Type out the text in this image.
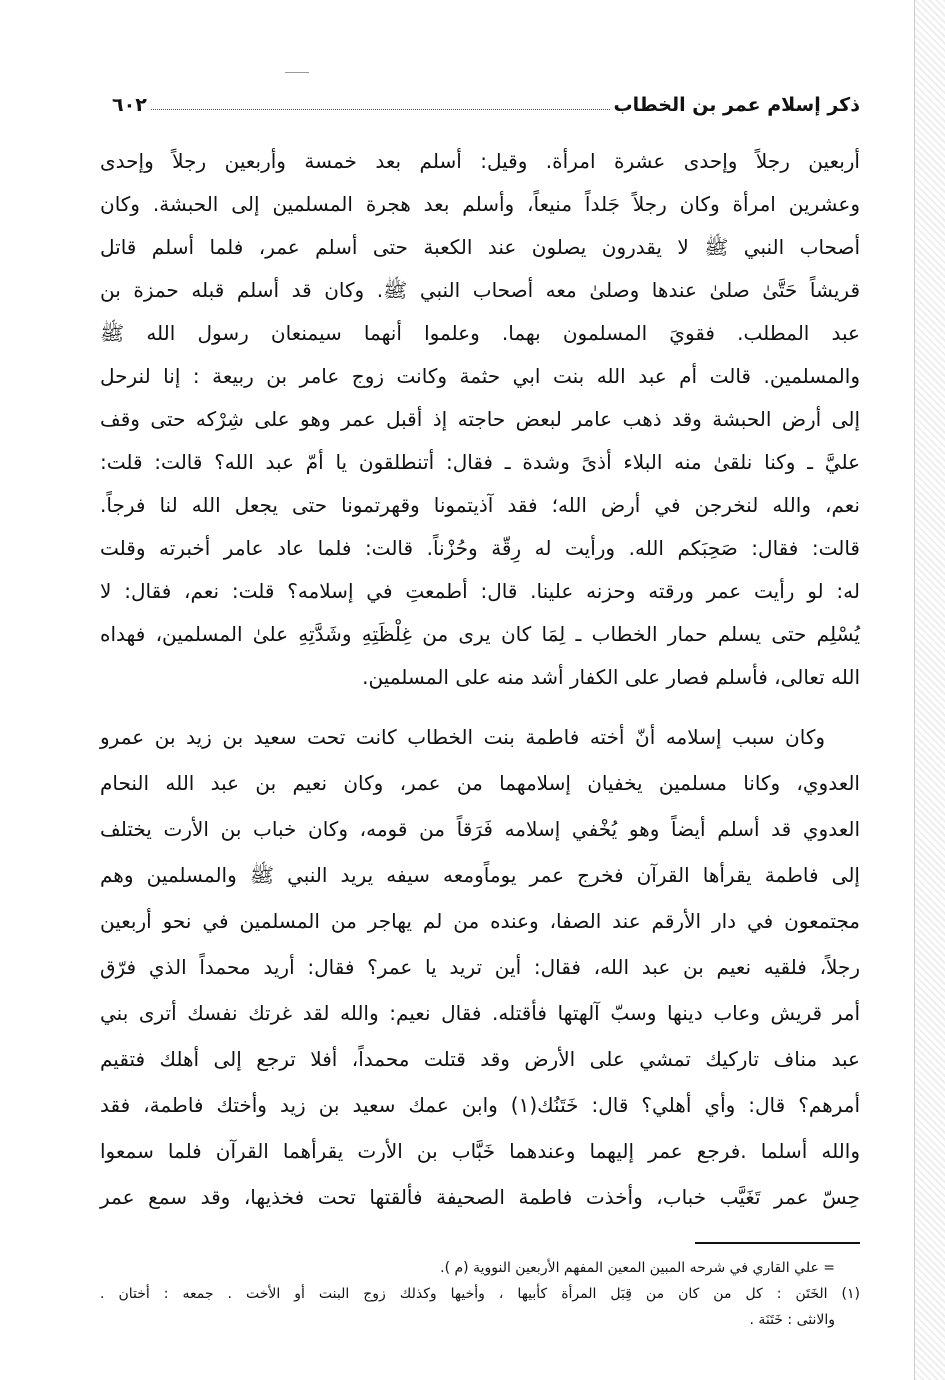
ذكر إسلام عمر بن الخطاب
٦٠٢
أربعين رجلاً وإحدى عشرة امرأة. وقيل: أسلم بعد خمسة وأربعين رجلاً وإحدى
وعشرين امرأة وكان رجلاً جَلداً منيعاً، وأسلم بعد هجرة المسلمين إلى الحبشة. وكان
أصحاب النبي ﷺ لا يقدرون يصلون عند الكعبة حتى أسلم عمر، فلما أسلم قاتل
قريشاً حَتَّىٰ صلىٰ عندها وصلىٰ معه أصحاب النبي ﷺ. وكان قد أسلم قبله حمزة بن
عبد المطلب. فقويَ المسلمون بهما. وعلموا أنهما سيمنعان رسول الله ﷺ
والمسلمين. قالت أم عبد الله بنت ابي حثمة وكانت زوج عامر بن ربيعة : إنا لنرحل
إلى أرض الحبشة وقد ذهب عامر لبعض حاجته إذ أقبل عمر وهو على شِرْكه حتى وقف
عليَّ ـ وكنا نلقىٰ منه البلاء أذىً وشدة ـ فقال: أتنطلقون يا أمّ عبد الله؟ قالت: قلت:
نعم، والله لنخرجن في أرض الله؛ فقد آذيتمونا وقهرتمونا حتى يجعل الله لنا فرجاً.
قالت: فقال: صَحِبَكم الله. ورأيت له رِقّة وحُزْناً. قالت: فلما عاد عامر أخبرته وقلت
له: لو رأيت عمر ورقته وحزنه علينا. قال: أطمعتِ في إسلامه؟ قلت: نعم، فقال: لا
يُسْلِم حتى يسلم حمار الخطاب ـ لِمَا كان يرى من غِلْظَتِهِ وشَدَّتِهِ علىٰ المسلمين، فهداه
الله تعالى، فأسلم فصار على الكفار أشد منه على المسلمين.
وكان سبب إسلامه أنّ أخته فاطمة بنت الخطاب كانت تحت سعيد بن زيد بن عمرو
العدوي، وكانا مسلمين يخفيان إسلامهما من عمر، وكان نعيم بن عبد الله النحام
العدوي قد أسلم أيضاً وهو يُخْفي إسلامه فَرَقاً من قومه، وكان خباب بن الأرت يختلف
إلى فاطمة يقرأها القرآن فخرج عمر يوماًومعه سيفه يريد النبي ﷺ والمسلمين وهم
مجتمعون في دار الأرقم عند الصفا، وعنده من لم يهاجر من المسلمين في نحو أربعين
رجلاً، فلقيه نعيم بن عبد الله، فقال: أين تريد يا عمر؟ فقال: أريد محمداً الذي فرّق
أمر قريش وعاب دينها وسبّ آلهتها فأقتله. فقال نعيم: والله لقد غرتك نفسك أترى بني
عبد مناف تاركيك تمشي على الأرض وقد قتلت محمداً، أفلا ترجع إلى أهلك فتقيم
أمرهم؟ قال: وأي أهلي؟ قال: خَتَنُك(١) وابن عمك سعيد بن زيد وأختك فاطمة، فقد
والله أسلما .فرجع عمر إليهما وعندهما خَبَّاب بن الأرت يقرأهما القرآن فلما سمعوا
حِسّ عمر تَغَيَّب خباب، وأخذت فاطمة الصحيفة فألقتها تحت فخذيها، وقد سمع عمر
= علي القاري في شرحه المبين المعين المفهم الأربعين النووية (م ).
(١) الخَتَن : كل من كان من قِبَل المرأة كأبيها ، وأخيها وكذلك زوج البنت أو الأخت . جمعه : أختان .
والانثى : خَتَنَة .
